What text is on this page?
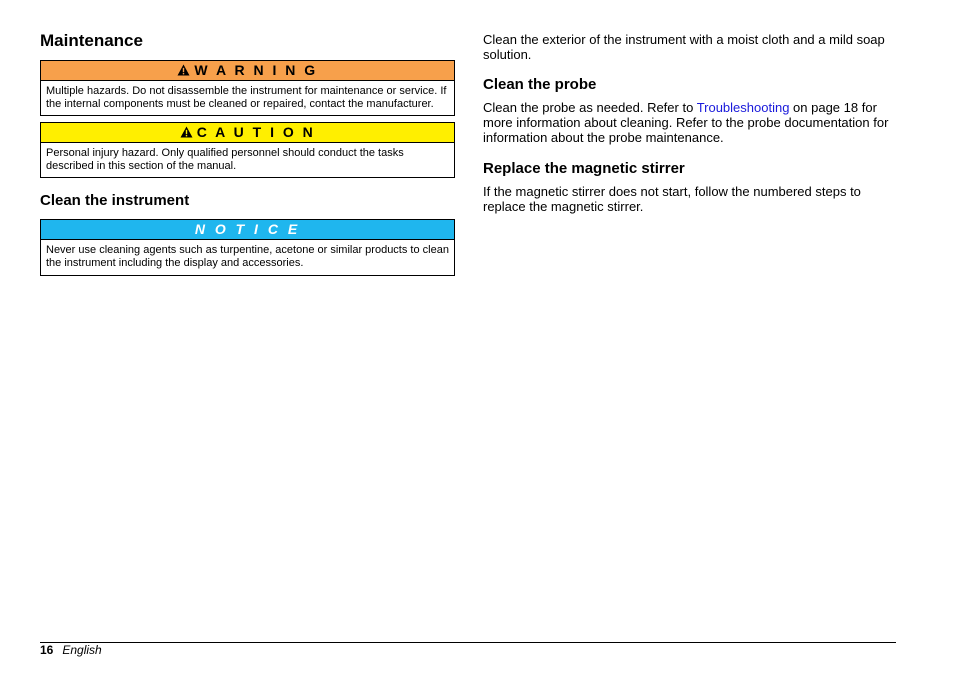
Maintenance
W A R N I N G
Multiple hazards. Do not disassemble the instrument for maintenance or service. If the internal components must be cleaned or repaired, contact the manufacturer.
C A U T I O N
Personal injury hazard. Only qualified personnel should conduct the tasks described in this section of the manual.
Clean the instrument
N O T I C E
Never use cleaning agents such as turpentine, acetone or similar products to clean the instrument including the display and accessories.

Clean the exterior of the instrument with a moist cloth and a mild soap solution.

Clean the probe

Clean the probe as needed. Refer to Troubleshooting on page 18 for more information about cleaning. Refer to the probe documentation for information about the probe maintenance.

Replace the magnetic stirrer

If the magnetic stirrer does not start, follow the numbered steps to replace the magnetic stirrer.

16 English
